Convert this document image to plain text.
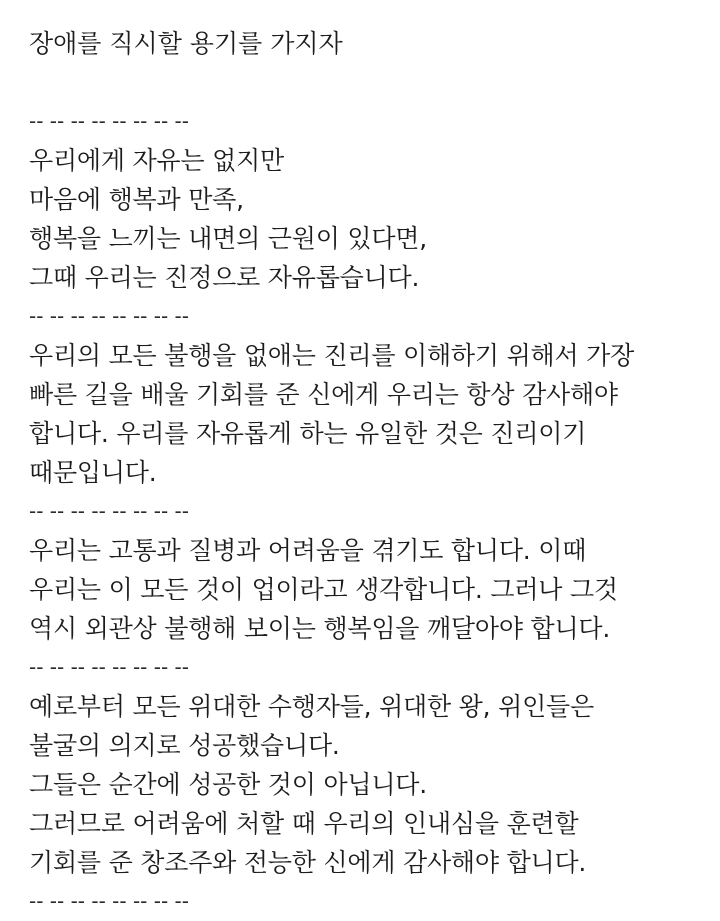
장애를 직시할 용기를 가지자
-- -- -- -- -- -- -- --
우리에게 자유는 없지만
마음에 행복과 만족,
행복을 느끼는 내면의 근원이 있다면,
그때 우리는 진정으로 자유롭습니다.
-- -- -- -- -- -- -- --
우리의 모든 불행을 없애는 진리를 이해하기 위해서 가장
빠른 길을 배울 기회를 준 신에게 우리는 항상 감사해야
합니다. 우리를 자유롭게 하는 유일한 것은 진리이기
때문입니다.
-- -- -- -- -- -- -- --
우리는 고통과 질병과 어려움을 겪기도 합니다. 이때
우리는 이 모든 것이 업이라고 생각합니다. 그러나 그것
역시 외관상 불행해 보이는 행복임을 깨달아야 합니다.
-- -- -- -- -- -- -- --
예로부터 모든 위대한 수행자들, 위대한 왕, 위인들은
불굴의 의지로 성공했습니다.
그들은 순간에 성공한 것이 아닙니다.
그러므로 어려움에 처할 때 우리의 인내심을 훈련할
기회를 준 창조주와 전능한 신에게 감사해야 합니다.
-- -- -- -- -- -- -- --
